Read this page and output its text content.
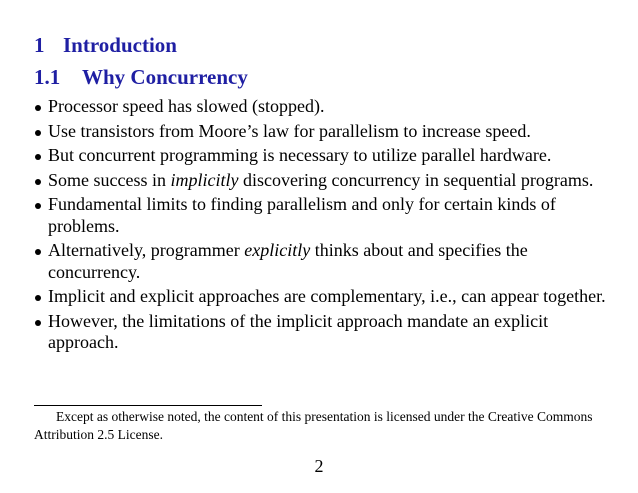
1 Introduction
1.1 Why Concurrency
Processor speed has slowed (stopped).
Use transistors from Moore’s law for parallelism to increase speed.
But concurrent programming is necessary to utilize parallel hardware.
Some success in implicitly discovering concurrency in sequential programs.
Fundamental limits to finding parallelism and only for certain kinds of problems.
Alternatively, programmer explicitly thinks about and specifies the concurrency.
Implicit and explicit approaches are complementary, i.e., can appear together.
However, the limitations of the implicit approach mandate an explicit approach.
Except as otherwise noted, the content of this presentation is licensed under the Creative Commons Attribution 2.5 License.
2
